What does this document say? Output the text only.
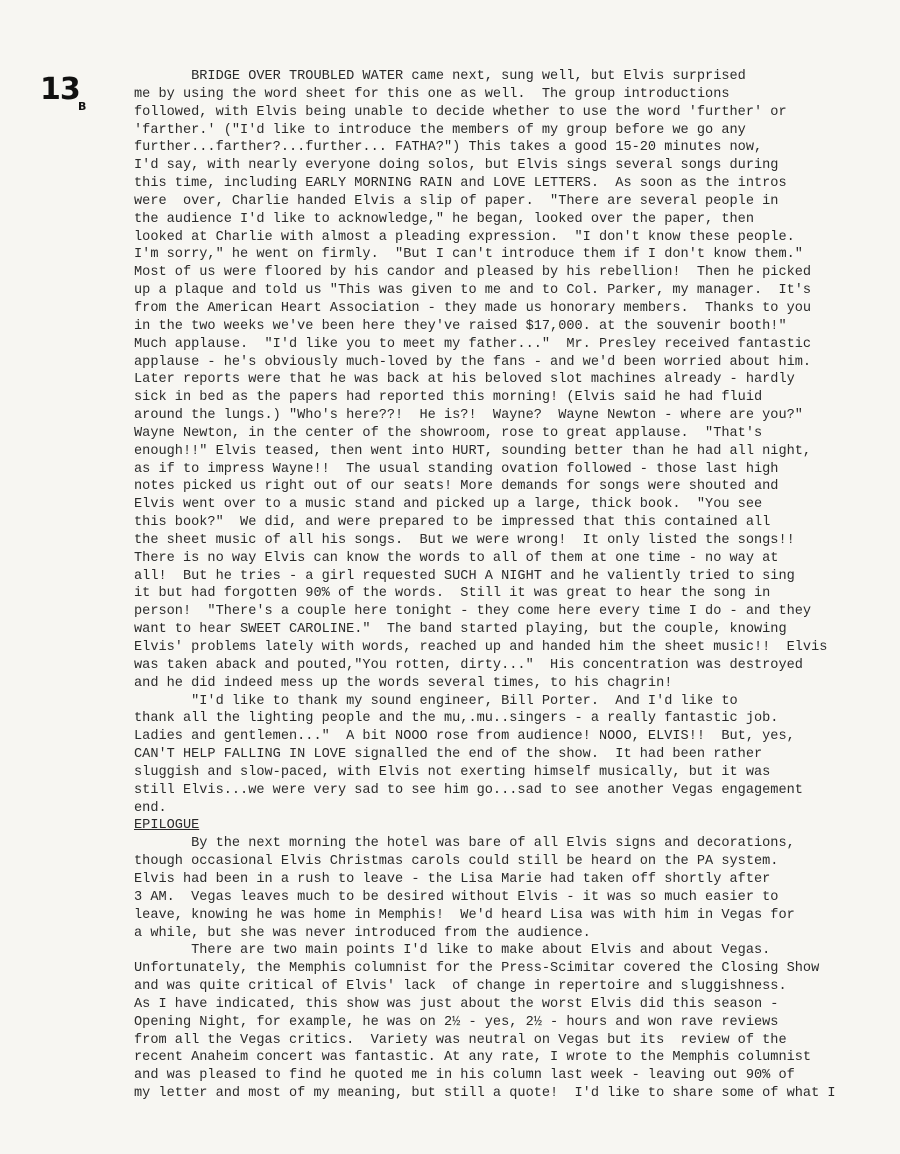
13
B
BRIDGE OVER TROUBLED WATER came next, sung well, but Elvis surprised
me by using the word sheet for this one as well.  The group introductions
followed, with Elvis being unable to decide whether to use the word 'further' or
'farther.' ("I'd like to introduce the members of my group before we go any
further...farther?...further... FATHA?") This takes a good 15-20 minutes now,
I'd say, with nearly everyone doing solos, but Elvis sings several songs during
this time, including EARLY MORNING RAIN and LOVE LETTERS.  As soon as the intros
were  over, Charlie handed Elvis a slip of paper.  "There are several people in
the audience I'd like to acknowledge," he began, looked over the paper, then
looked at Charlie with almost a pleading expression.  "I don't know these people.
I'm sorry," he went on firmly.  "But I can't introduce them if I don't know them."
Most of us were floored by his candor and pleased by his rebellion!  Then he picked
up a plaque and told us "This was given to me and to Col. Parker, my manager.  It's
from the American Heart Association - they made us honorary members.  Thanks to you
in the two weeks we've been here they've raised $17,000. at the souvenir booth!"
Much applause.  "I'd like you to meet my father..."  Mr. Presley received fantastic
applause - he's obviously much-loved by the fans - and we'd been worried about him.
Later reports were that he was back at his beloved slot machines already - hardly
sick in bed as the papers had reported this morning! (Elvis said he had fluid
around the lungs.) "Who's here??!  He is?!  Wayne?  Wayne Newton - where are you?"
Wayne Newton, in the center of the showroom, rose to great applause.  "That's
enough!!" Elvis teased, then went into HURT, sounding better than he had all night,
as if to impress Wayne!!  The usual standing ovation followed - those last high
notes picked us right out of our seats! More demands for songs were shouted and
Elvis went over to a music stand and picked up a large, thick book.  "You see
this book?"  We did, and were prepared to be impressed that this contained all
the sheet music of all his songs.  But we were wrong!  It only listed the songs!!
There is no way Elvis can know the words to all of them at one time - no way at
all!  But he tries - a girl requested SUCH A NIGHT and he valiently tried to sing
it but had forgotten 90% of the words.  Still it was great to hear the song in
person!  "There's a couple here tonight - they come here every time I do - and they
want to hear SWEET CAROLINE."  The band started playing, but the couple, knowing
Elvis' problems lately with words, reached up and handed him the sheet music!!  Elvis
was taken aback and pouted,"You rotten, dirty..."  His concentration was destroyed
and he did indeed mess up the words several times, to his chagrin!
"I'd like to thank my sound engineer, Bill Porter.  And I'd like to
thank all the lighting people and the mu,.mu..singers - a really fantastic job.
Ladies and gentlemen..."  A bit NOOO rose from audience! NOOO, ELVIS!!  But, yes,
CAN'T HELP FALLING IN LOVE signalled the end of the show.  It had been rather
sluggish and slow-paced, with Elvis not exerting himself musically, but it was
still Elvis...we were very sad to see him go...sad to see another Vegas engagement
end.
EPILOGUE
By the next morning the hotel was bare of all Elvis signs and decorations,
though occasional Elvis Christmas carols could still be heard on the PA system.
Elvis had been in a rush to leave - the Lisa Marie had taken off shortly after
3 AM.  Vegas leaves much to be desired without Elvis - it was so much easier to
leave, knowing he was home in Memphis!  We'd heard Lisa was with him in Vegas for
a while, but she was never introduced from the audience.
There are two main points I'd like to make about Elvis and about Vegas.
Unfortunately, the Memphis columnist for the Press-Scimitar covered the Closing Show
and was quite critical of Elvis' lack  of change in repertoire and sluggishness.
As I have indicated, this show was just about the worst Elvis did this season -
Opening Night, for example, he was on 2½ - yes, 2½ - hours and won rave reviews
from all the Vegas critics.  Variety was neutral on Vegas but its  review of the
recent Anaheim concert was fantastic. At any rate, I wrote to the Memphis columnist
and was pleased to find he quoted me in his column last week - leaving out 90% of
my letter and most of my meaning, but still a quote!  I'd like to share some of what I
